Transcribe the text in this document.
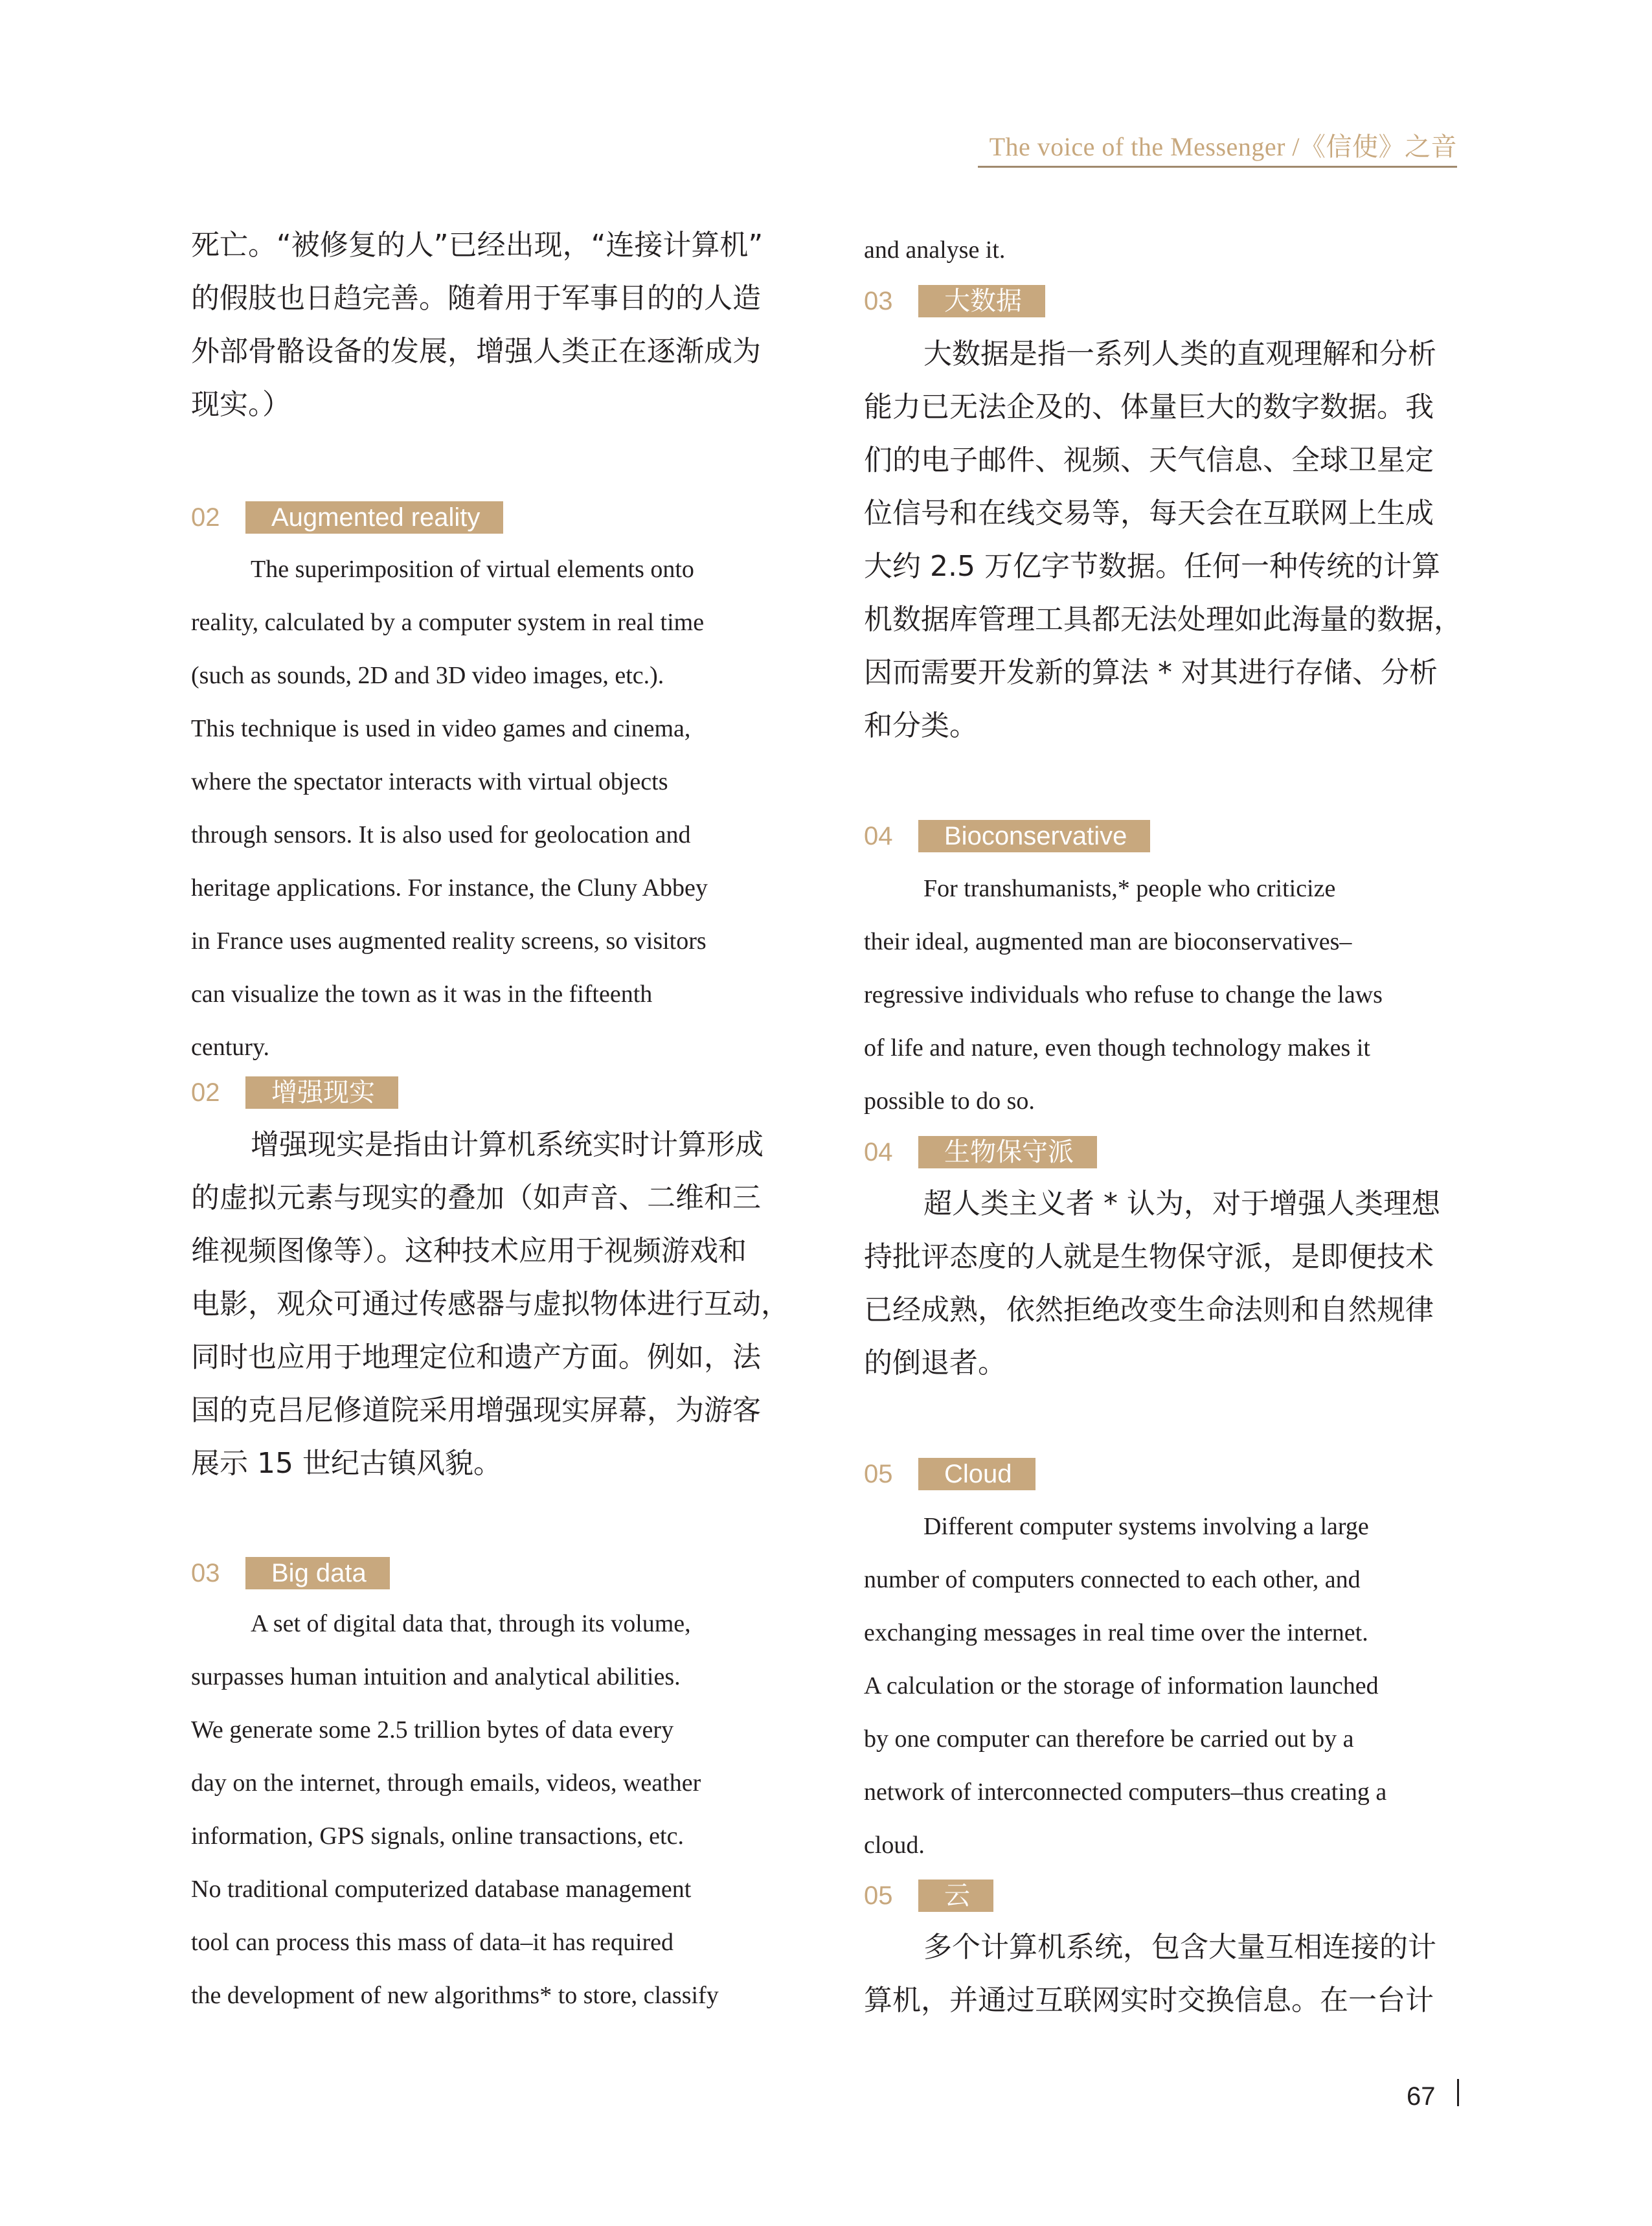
The voice of the Messenger /《信使》之音
死亡。“被修复的人”已经出现，“连接计算机”
的假肢也日趋完善。随着用于军事目的的人造
外部骨骼设备的发展，增强人类正在逐渐成为
现实。）
02	Augmented reality
The superimposition of virtual elements onto
reality, calculated by a computer system in real time
(such as sounds, 2D and 3D video images, etc.).
This technique is used in video games and cinema,
where the spectator interacts with virtual objects
through sensors. It is also used for geolocation and
heritage applications. For instance, the Cluny Abbey
in France uses augmented reality screens, so visitors
can visualize the town as it was in the fifteenth
century.
02	增强现实
增强现实是指由计算机系统实时计算形成
的虚拟元素与现实的叠加（如声音、二维和三
维视频图像等）。这种技术应用于视频游戏和
电影，观众可通过传感器与虚拟物体进行互动，
同时也应用于地理定位和遗产方面。例如，法
国的克吕尼修道院采用增强现实屏幕，为游客
展示 15 世纪古镇风貌。
03	Big data
A set of digital data that, through its volume,
surpasses human intuition and analytical abilities.
We generate some 2.5 trillion bytes of data every
day on the internet, through emails, videos, weather
information, GPS signals, online transactions, etc.
No traditional computerized database management
tool can process this mass of data–it has required
the development of new algorithms* to store, classify
and analyse it.
03	大数据
大数据是指一系列人类的直观理解和分析
能力已无法企及的、体量巨大的数字数据。我
们的电子邮件、视频、天气信息、全球卫星定
位信号和在线交易等，每天会在互联网上生成
大约 2.5 万亿字节数据。任何一种传统的计算
机数据库管理工具都无法处理如此海量的数据，
因而需要开发新的算法 * 对其进行存储、分析
和分类。
04	Bioconservative
For transhumanists,* people who criticize
their ideal, augmented man are bioconservatives–
regressive individuals who refuse to change the laws
of life and nature, even though technology makes it
possible to do so.
04	生物保守派
超人类主义者 * 认为，对于增强人类理想
持批评态度的人就是生物保守派，是即便技术
已经成熟，依然拒绝改变生命法则和自然规律
的倒退者。
05	Cloud
Different computer systems involving a large
number of computers connected to each other, and
exchanging messages in real time over the internet.
A calculation or the storage of information launched
by one computer can therefore be carried out by a
network of interconnected computers–thus creating a
cloud.
05	云
多个计算机系统，包含大量互相连接的计
算机，并通过互联网实时交换信息。在一台计
67
